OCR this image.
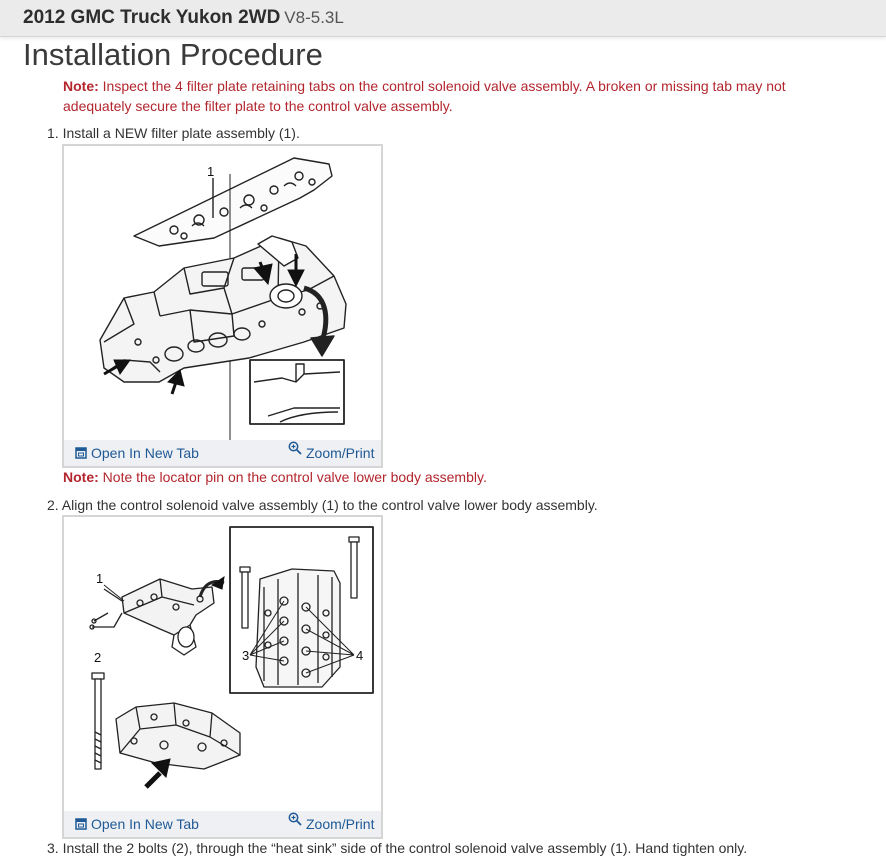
2012 GMC Truck Yukon 2WD V8-5.3L
Installation Procedure
Note: Inspect the 4 filter plate retaining tabs on the control solenoid valve assembly. A broken or missing tab may not adequately secure the filter plate to the control valve assembly.
1. Install a NEW filter plate assembly (1).
1
Open In New Tab	Zoom/Print
Note: Note the locator pin on the control valve lower body assembly.
2. Align the control solenoid valve assembly (1) to the control valve lower body assembly.
1
2	3	4
Open In New Tab	Zoom/Print
3. Install the 2 bolts (2), through the “heat sink” side of the control solenoid valve assembly (1). Hand tighten only.
